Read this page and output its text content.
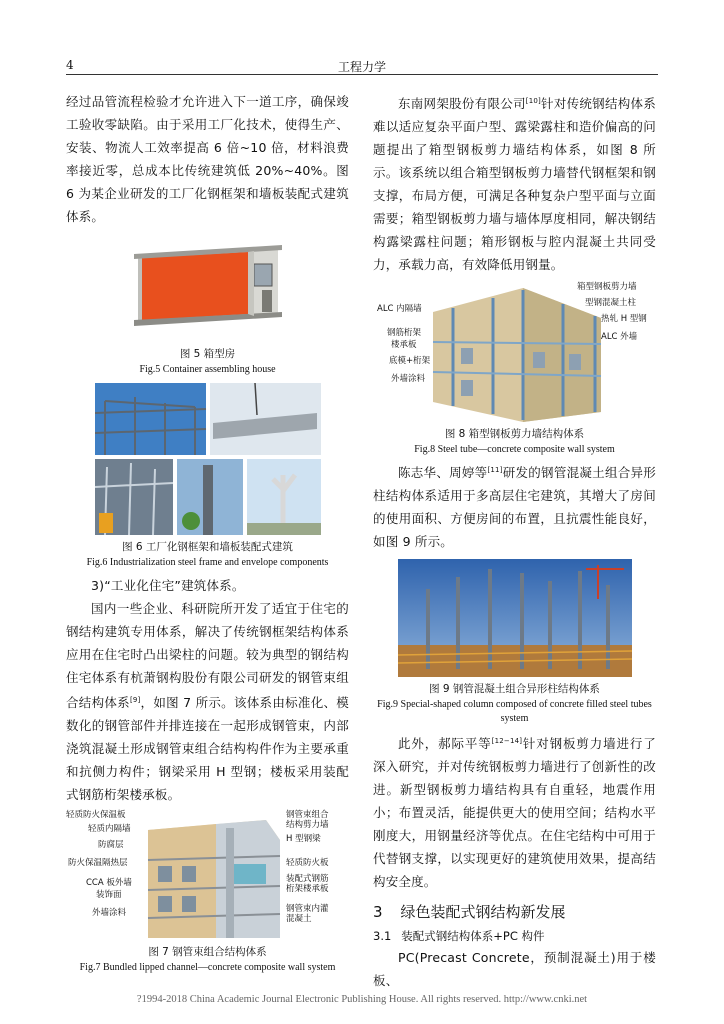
4	工程力学

经过品管流程检验才允许进入下一道工序，确保竣工验收零缺陷。由于采用工厂化技术，使得生产、安装、物流人工效率提高 6 倍~10 倍，材料浪费率接近零，总成本比传统建筑低 20%~40%。图 6 为某企业研发的工厂化钢框架和墙板装配式建筑体系。

图 5 箱型房
Fig.5 Container assembling house
图 6 工厂化钢框架和墙板装配式建筑
Fig.6 Industrialization steel frame and envelope components

3)“工业化住宅”建筑体系。

国内一些企业、科研院所开发了适宜于住宅的钢结构建筑专用体系，解决了传统钢框架结构体系应用在住宅时凸出梁柱的问题。较为典型的钢结构住宅体系有杭萧钢构股份有限公司研发的钢管束组合结构体系[9]，如图 7 所示。该体系由标准化、模数化的钢管部件并排连接在一起形成钢管束，内部浇筑混凝土形成钢管束组合结构构件作为主要承重和抗侧力构件；钢梁采用 H 型钢；楼板采用装配式钢筋桁架楼承板。

轻质防火保温板
轻质内隔墙
防腐层
防火保温隔热层
CCA 板外墙
装饰面
外墙涂料
钢管束组合
结构剪力墙
H 型钢梁
轻质防火板
装配式钢筋
桁架楼承板
钢管束内灌
混凝土
图 7 钢管束组合结构体系
Fig.7 Bundled lipped channel—concrete composite wall system

东南网架股份有限公司[10]针对传统钢结构体系难以适应复杂平面户型、露梁露柱和造价偏高的问题提出了箱型钢板剪力墙结构体系，如图 8 所示。该系统以组合箱型钢板剪力墙替代钢框架和钢支撑，布局方便，可满足各种复杂户型平面与立面需要；箱型钢板剪力墙与墙体厚度相同，解决钢结构露梁露柱问题；箱形钢板与腔内混凝土共同受力，承载力高，有效降低用钢量。

箱型钢板剪力墙
型钢混凝土柱
热轧 H 型钢
ALC 外墙
ALC 内隔墙
钢筋桁架
楼承板
底模+桁架
外墙涂料
图 8 箱型钢板剪力墙结构体系
Fig.8 Steel tube—concrete composite wall system

陈志华、周婷等[11]研发的钢管混凝土组合异形柱结构体系适用于多高层住宅建筑，其增大了房间的使用面积、方便房间的布置，且抗震性能良好，如图 9 所示。

图 9 钢管混凝土组合异形柱结构体系
Fig.9 Special-shaped column composed of concrete filled steel tubes system

此外，郝际平等[12−14]针对钢板剪力墙进行了深入研究，并对传统钢板剪力墙进行了创新性的改进。新型钢板剪力墙结构具有自重轻，地震作用小；布置灵活，能提供更大的使用空间；结构水平刚度大，用钢量经济等优点。在住宅结构中可用于代替钢支撑，以实现更好的建筑使用效果，提高结构安全度。

3 绿色装配式钢结构新发展
3.1 装配式钢结构体系+PC 构件

PC(Precast Concrete，预制混凝土)用于楼板、

?1994-2018 China Academic Journal Electronic Publishing House. All rights reserved. http://www.cnki.net
